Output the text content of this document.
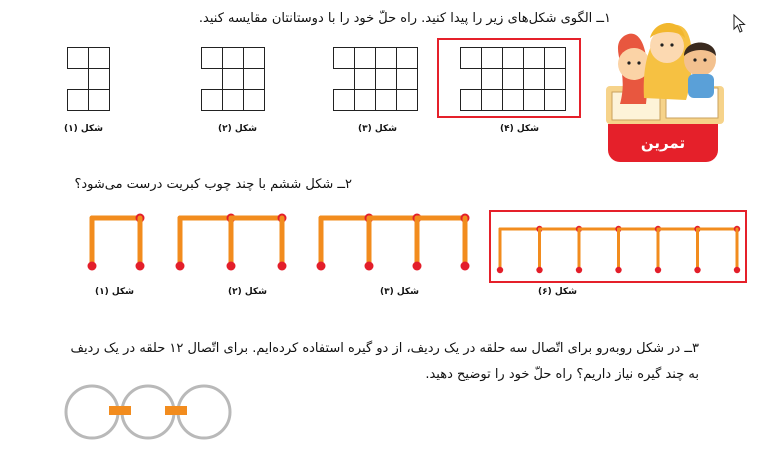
۱ــ الگوی شکل‌های زیر را پیدا کنید. راه حلّ خود را با دوستانتان مقایسه کنید.
شکل (۱)	شکل (۲)	شکل (۳)	شکل (۴)
تمرین
۲ــ شکل ششم با چند چوب کبریت درست می‌شود؟
شکل (۱)	شکل (۲)	شکل (۳)	شکل (۶)
۳ــ در شکل روبه‌رو برای اتّصال سه حلقه در یک ردیف، از دو گیره استفاده کرده‌ایم. برای اتّصال ۱۲ حلقه در یک ردیف
به چند گیره نیاز داریم؟ راه حلّ خود را توضیح دهید.
